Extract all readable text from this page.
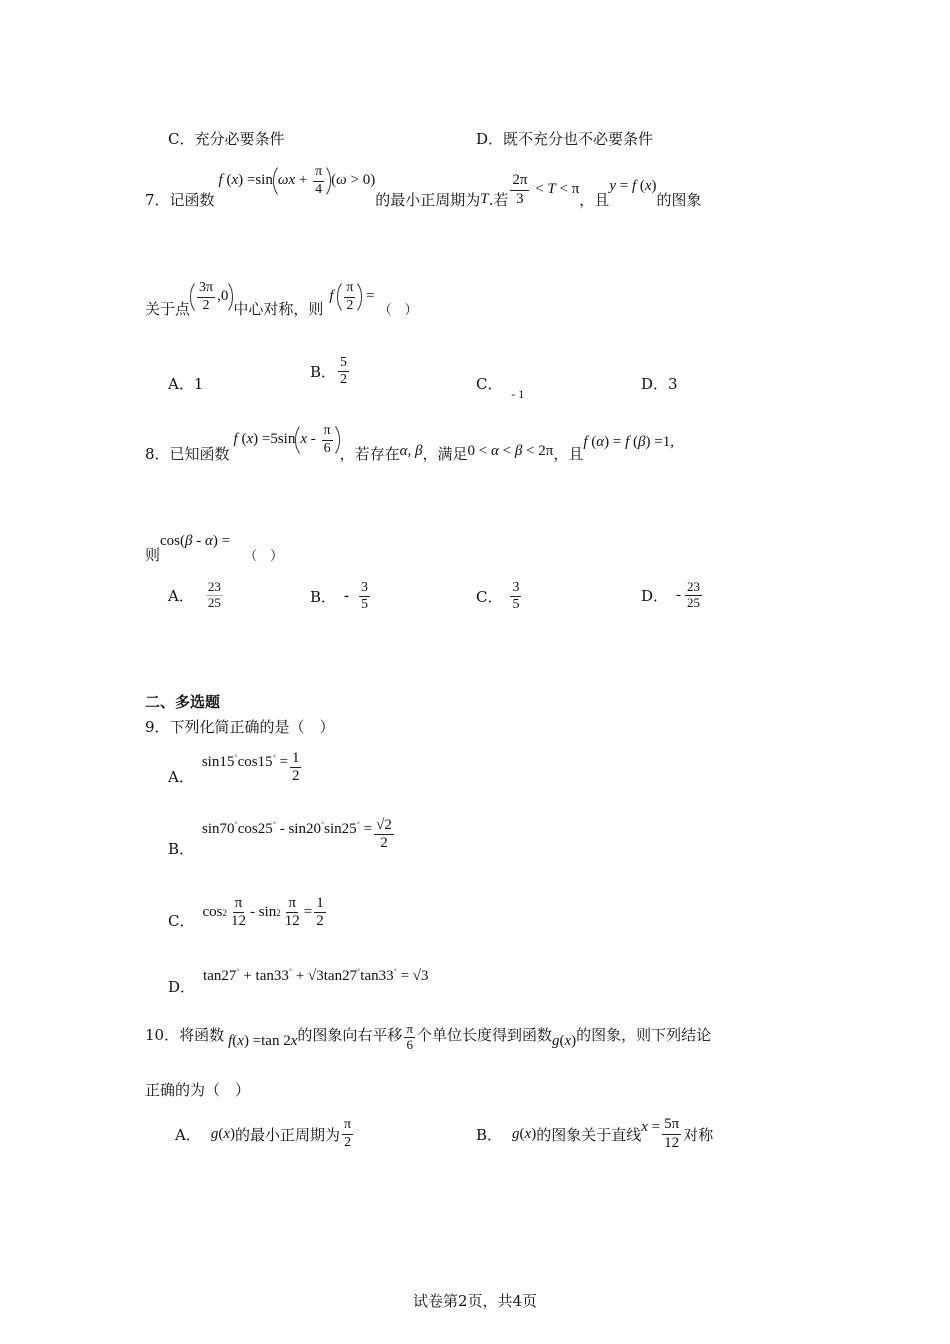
C．充分必要条件	D．既不充分也不必要条件
7．记函数
f (x) =sin $\omega x + \frac{\pi}{4} (\omega > 0)$
的最小正周期为 T .若 $\frac{2\pi}{3} < T < \pi$
，且
y = f (x)
的图象
关于点 $\frac{3\pi}{2} ,0$
中心对称，则
f $\frac{\pi}{2}$ =
（　）
A．1
B． $\frac{5}{2}$	C． $_{- 1}$
D．3
8．已知函数
f (x) =5sin x - $\frac{\pi}{6}$ ，若存在 α, β ，满足 0 < α < β < 2π ，且
f (α) = f (β) =1,
则
cos(β - α) =
（　）
A． $\frac{23}{25}$	B． - $\frac{3}{5}$	C． $\frac{3}{5}$	D． - $\frac{23}{25}$
二、多选题
9．下列化简正确的是（　）
A．
$\sin 15^\circ\cos 15^\circ = \frac{1}{2}$
B．
$\sin 70^\circ\cos 25^\circ - \sin 20^\circ\sin 25^\circ = \frac{√2}{2}$
C． $\cos 2 \frac{\pi}{12} - \sin 2 \frac{\pi}{12} = \frac{1}{2}$
D．
tan27° + tan33° + √3tan27°tan33° = √3
10．将函数 f(x) =tan 2x 的图象向右平移 $\frac{\pi}{6}$ 个单位长度得到函数 g(x) 的图象，则下列结论
正确的为（　）
A． g(x) 的最小正周期为 $\frac{\pi}{2}$	B． g(x) 的图象关于直线 $x = \frac{5\pi}{12}$ 对称
试卷第2页，共4页
